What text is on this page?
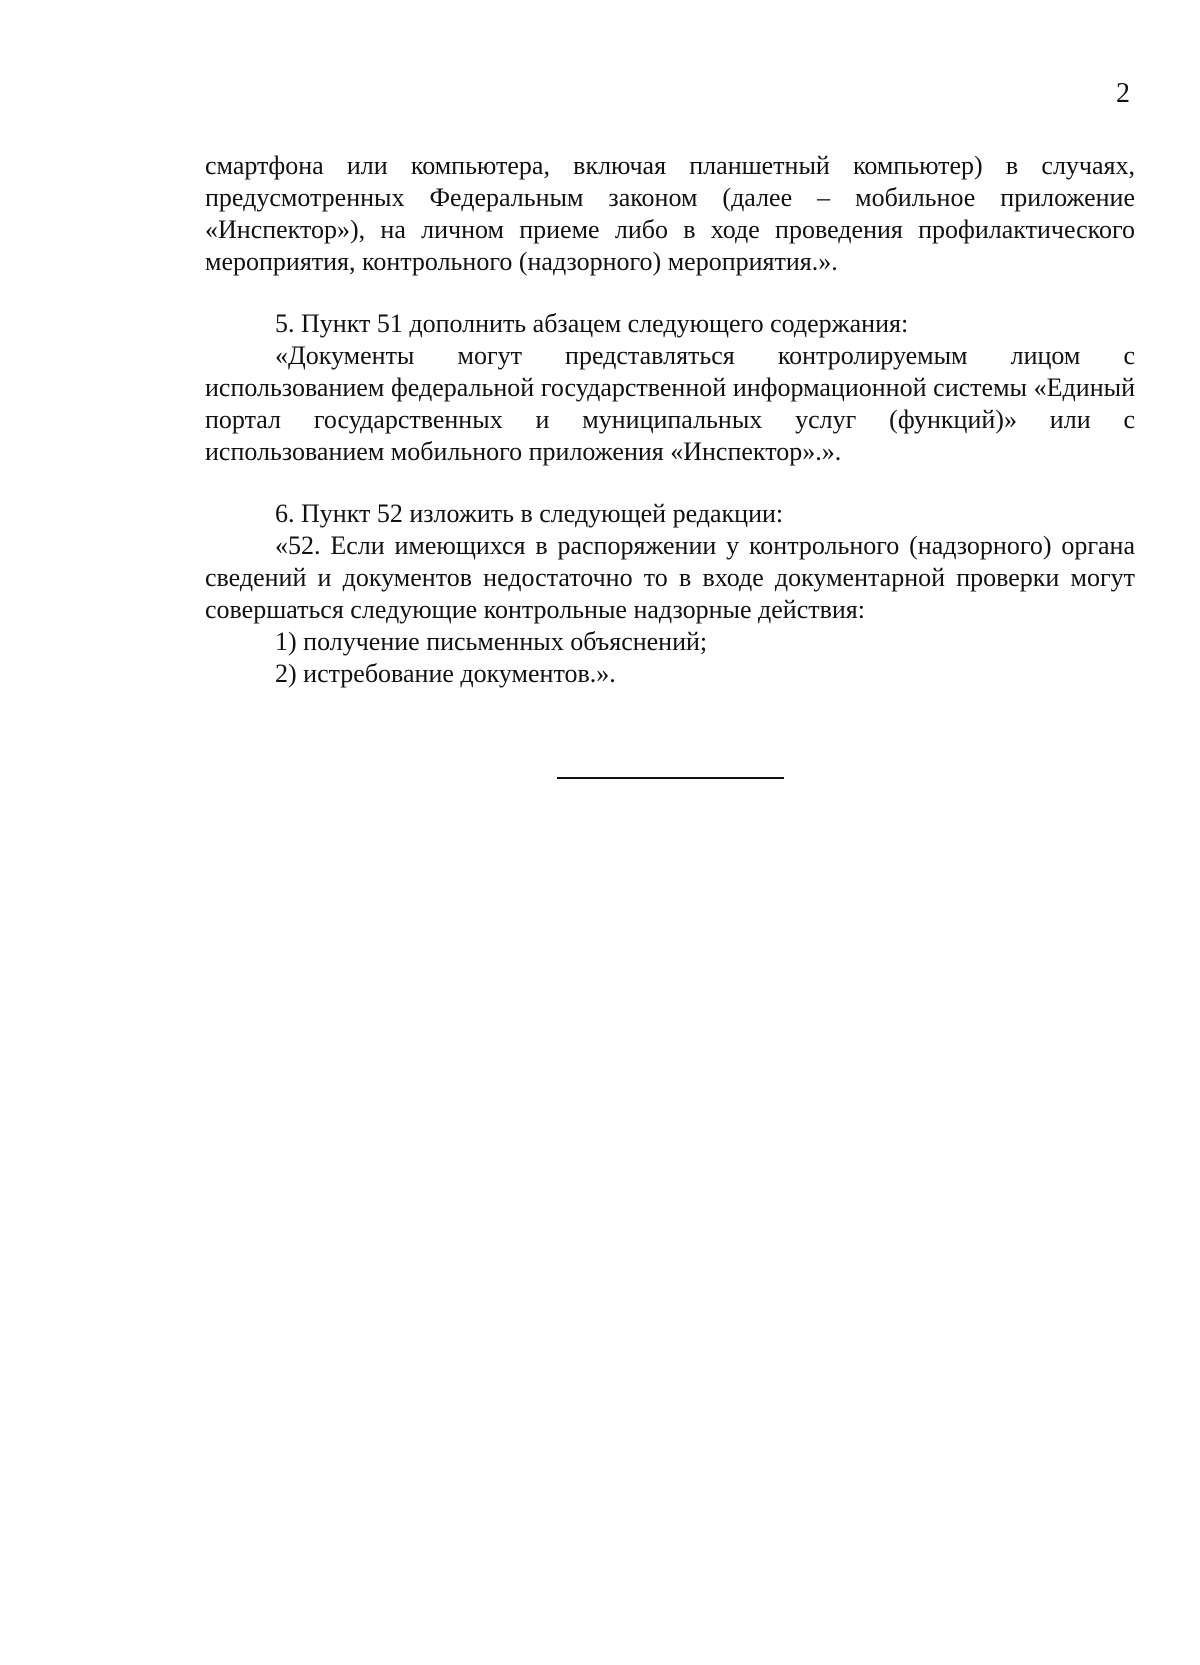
2

смартфона или компьютера, включая планшетный компьютер) в случаях, предусмотренных Федеральным законом (далее – мобильное приложение «Инспектор»), на личном приеме либо в ходе проведения профилактического мероприятия, контрольного (надзорного) мероприятия.».

5. Пункт 51 дополнить абзацем следующего содержания:

«Документы могут представляться контролируемым лицом с использованием федеральной государственной информационной системы «Единый портал государственных и муниципальных услуг (функций)» или с использованием мобильного приложения «Инспектор».».

6. Пункт 52 изложить в следующей редакции:

«52. Если имеющихся в распоряжении у контрольного (надзорного) органа сведений и документов недостаточно то в входе документарной проверки могут совершаться следующие контрольные надзорные действия:

1) получение письменных объяснений;

2) истребование документов.».
